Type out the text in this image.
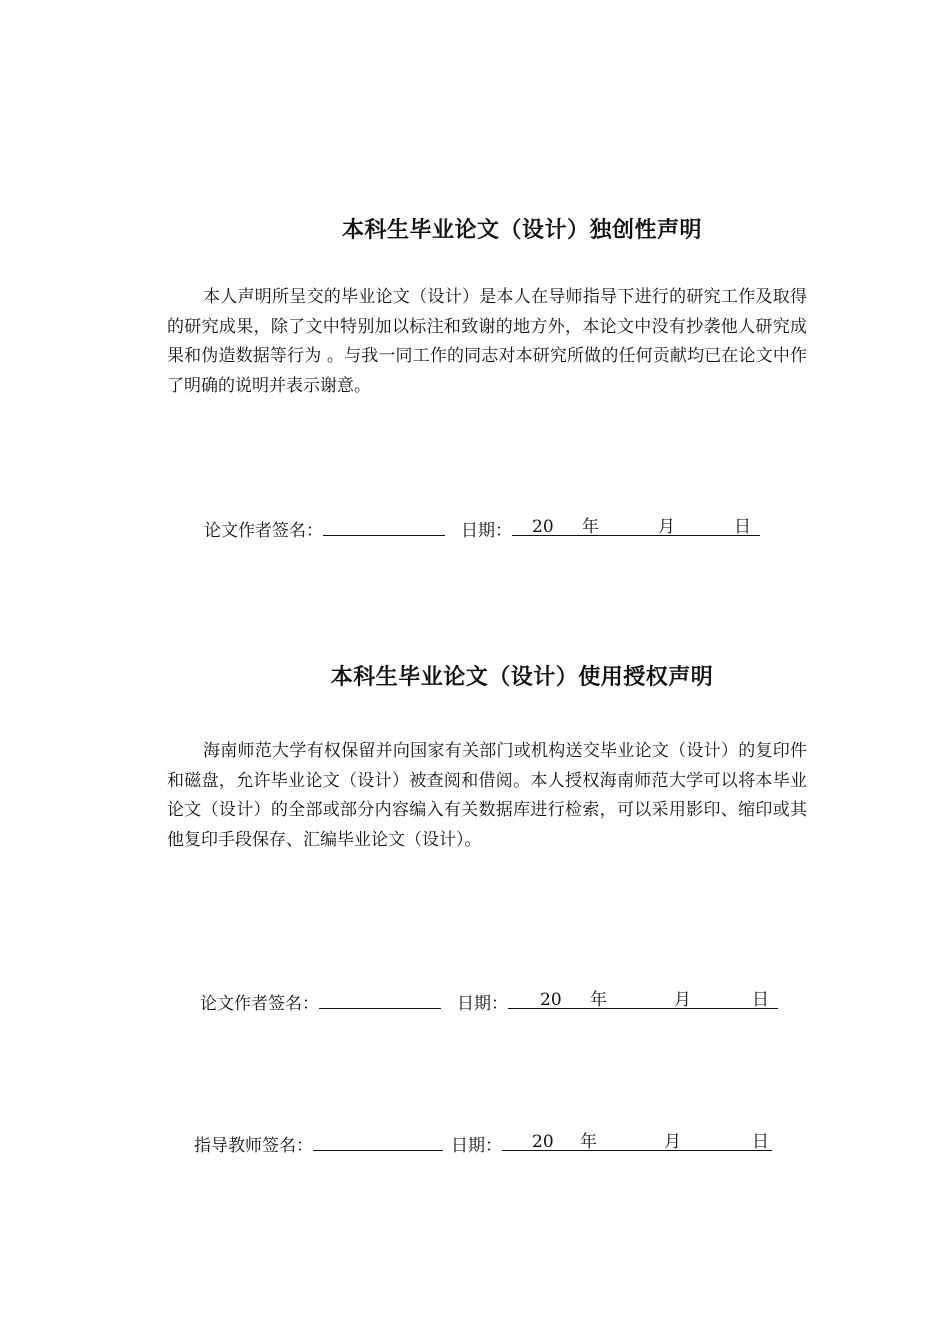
本科生毕业论文（设计）独创性声明

本人声明所呈交的毕业论文（设计）是本人在导师指导下进行的研究工作及取得的研究成果，除了文中特别加以标注和致谢的地方外，本论文中没有抄袭他人研究成果和伪造数据等行为 。与我一同工作的同志对本研究所做的任何贡献均已在论文中作了明确的说明并表示谢意。

论文作者签名：	日期： 20 年	月	日
本科生毕业论文（设计）使用授权声明

海南师范大学有权保留并向国家有关部门或机构送交毕业论文（设计）的复印件和磁盘，允许毕业论文（设计）被查阅和借阅。本人授权海南师范大学可以将本毕业论文（设计）的全部或部分内容编入有关数据库进行检索，可以采用影印、缩印或其他复印手段保存、汇编毕业论文（设计）。

论文作者签名：	日期： 20 年	月	日
指导教师签名：	日期： 20 年	月	日
